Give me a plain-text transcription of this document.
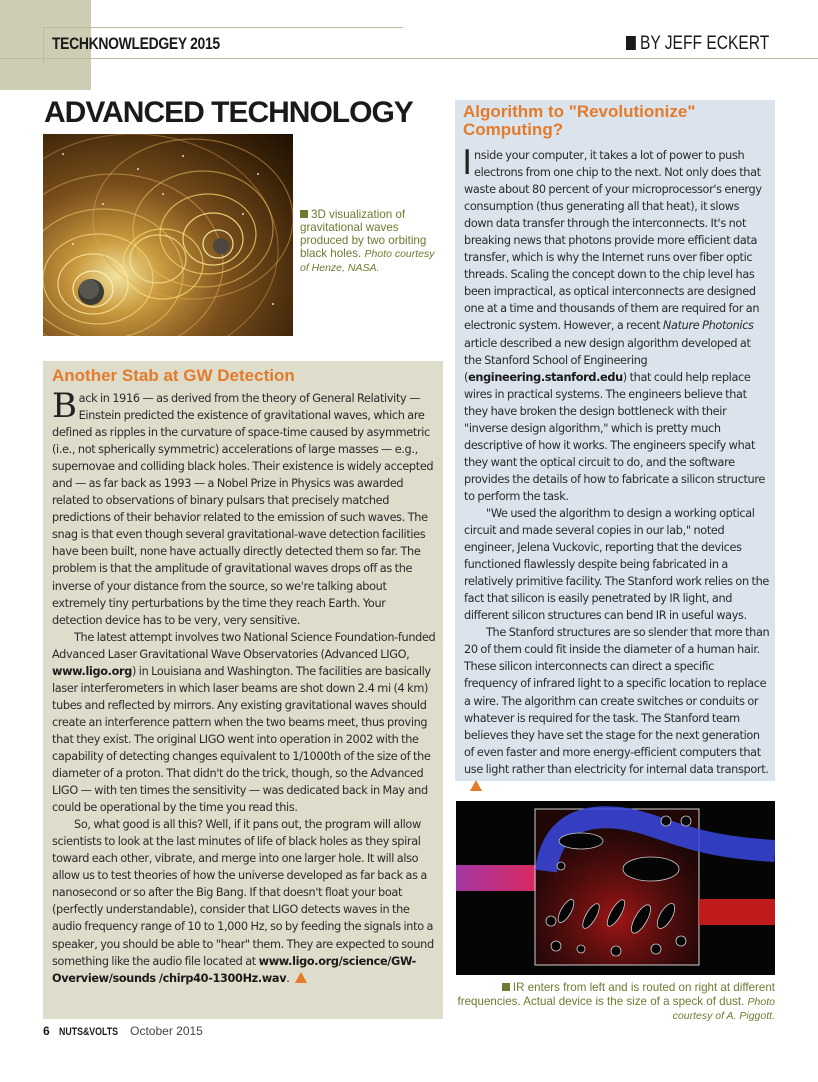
TECHKNOWLEDGEY 2015	BY JEFF ECKERT
ADVANCED TECHNOLOGY
3D visualization of gravitational waves produced by two orbiting black holes. Photo courtesy of Henze, NASA.
Another Stab at GW Detection

Back in 1916 — as derived from the theory of General Relativity — Einstein predicted the existence of gravitational waves, which are defined as ripples in the curvature of space-time caused by asymmetric (i.e., not spherically symmetric) accelerations of large masses — e.g., supernovae and colliding black holes. Their existence is widely accepted and — as far back as 1993 — a Nobel Prize in Physics was awarded related to observations of binary pulsars that precisely matched predictions of their behavior related to the emission of such waves. The snag is that even though several gravitational-wave detection facilities have been built, none have actually directly detected them so far. The problem is that the amplitude of gravitational waves drops off as the inverse of your distance from the source, so we're talking about extremely tiny perturbations by the time they reach Earth. Your detection device has to be very, very sensitive.

The latest attempt involves two National Science Foundation-funded Advanced Laser Gravitational Wave Observatories (Advanced LIGO, www.ligo.org) in Louisiana and Washington. The facilities are basically laser interferometers in which laser beams are shot down 2.4 mi (4 km) tubes and reflected by mirrors. Any existing gravitational waves should create an interference pattern when the two beams meet, thus proving that they exist. The original LIGO went into operation in 2002 with the capability of detecting changes equivalent to 1/1000th of the size of the diameter of a proton. That didn't do the trick, though, so the Advanced LIGO — with ten times the sensitivity — was dedicated back in May and could be operational by the time you read this.

So, what good is all this? Well, if it pans out, the program will allow scientists to look at the last minutes of life of black holes as they spiral toward each other, vibrate, and merge into one larger hole. It will also allow us to test theories of how the universe developed as far back as a nanosecond or so after the Big Bang. If that doesn't float your boat (perfectly understandable), consider that LIGO detects waves in the audio frequency range of 10 to 1,000 Hz, so by feeding the signals into a speaker, you should be able to "hear" them. They are expected to sound something like the audio file located at www.ligo.org/science/GW-Overview/sounds /chirp40-1300Hz.wav.

Algorithm to "Revolutionize" Computing?

Inside your computer, it takes a lot of power to push electrons from one chip to the next. Not only does that waste about 80 percent of your microprocessor's energy consumption (thus generating all that heat), it slows down data transfer through the interconnects. It's not breaking news that photons provide more efficient data transfer, which is why the Internet runs over fiber optic threads. Scaling the concept down to the chip level has been impractical, as optical interconnects are designed one at a time and thousands of them are required for an electronic system. However, a recent Nature Photonics article described a new design algorithm developed at the Stanford School of Engineering (engineering.stanford.edu) that could help replace wires in practical systems. The engineers believe that they have broken the design bottleneck with their "inverse design algorithm," which is pretty much descriptive of how it works. The engineers specify what they want the optical circuit to do, and the software provides the details of how to fabricate a silicon structure to perform the task.

"We used the algorithm to design a working optical circuit and made several copies in our lab," noted engineer, Jelena Vuckovic, reporting that the devices functioned flawlessly despite being fabricated in a relatively primitive facility. The Stanford work relies on the fact that silicon is easily penetrated by IR light, and different silicon structures can bend IR in useful ways.

The Stanford structures are so slender that more than 20 of them could fit inside the diameter of a human hair. These silicon interconnects can direct a specific frequency of infrared light to a specific location to replace a wire. The algorithm can create switches or conduits or whatever is required for the task. The Stanford team believes they have set the stage for the next generation of even faster and more energy-efficient computers that use light rather than electricity for internal data transport.

IR enters from left and is routed on right at different frequencies. Actual device is the size of a speck of dust. Photo courtesy of A. Piggott.
6 NUTS&VOLTS October 2015
